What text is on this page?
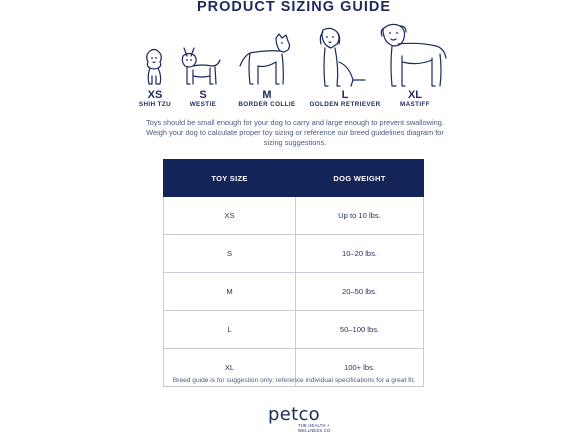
PRODUCT SIZING GUIDE
XS
SHIH TZU
S
WESTIE
M
BORDER COLLIE
L
GOLDEN RETRIEVER
XL
MASTIFF
Toys should be small enough for your dog to carry and large enough to prevent swallowing. Weigh your dog to calculate proper toy sizing or reference our breed guidelines diagram for sizing suggestions.
TOY SIZE	DOG WEIGHT
XS	Up to 10 lbs.
S	10–20 lbs.
M	20–50 lbs.
L	50–100 lbs.
XL	100+ lbs.
Breed guide is for suggestion only; reference individual specifications for a great fit.
petco
THE HEALTH +
WELLNESS CO.
